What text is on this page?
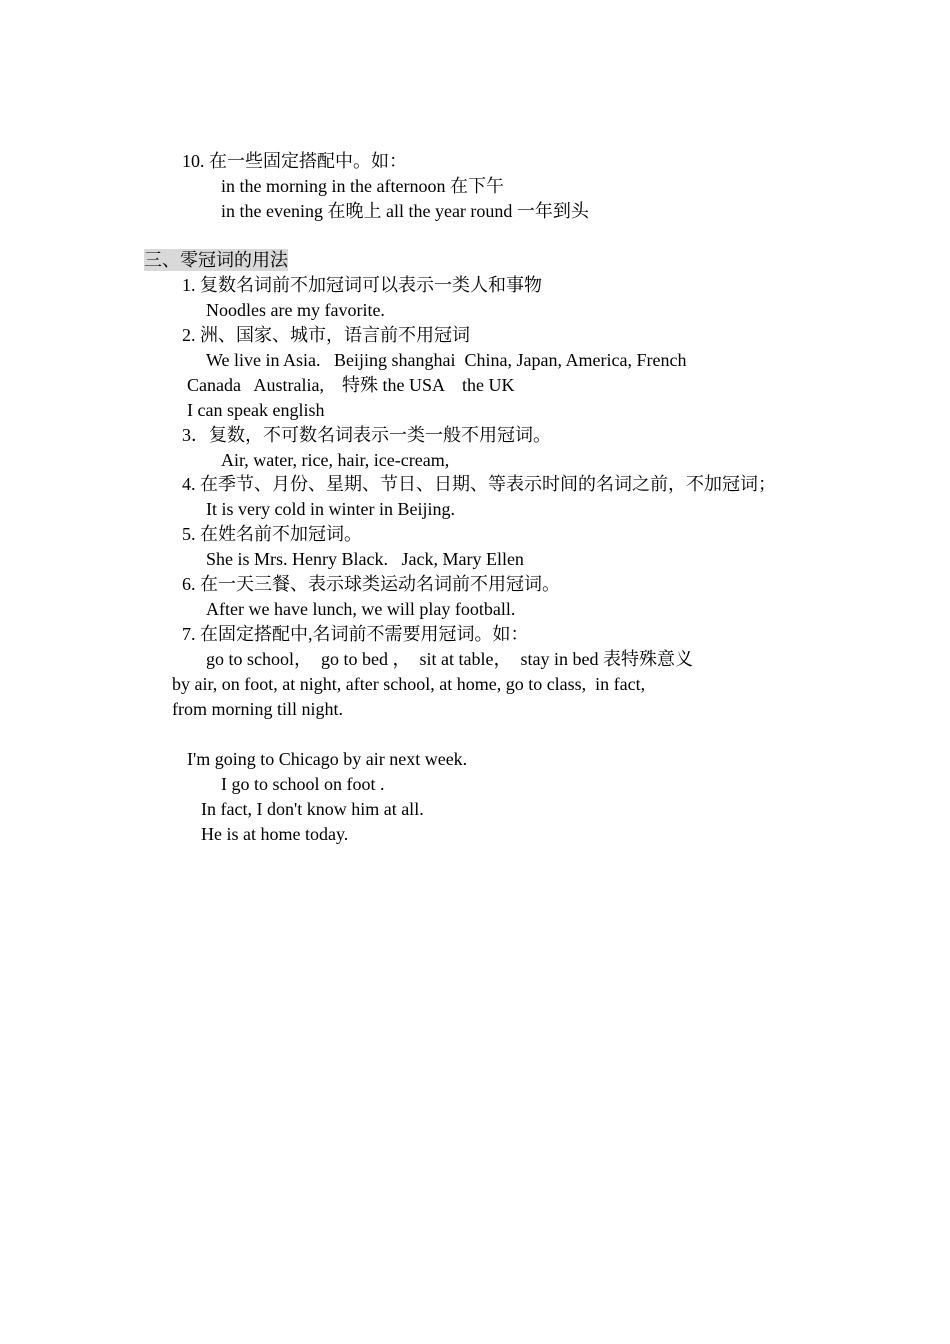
10. 在一些固定搭配中。如：
in the morning in the afternoon 在下午
in the evening 在晚上 all the year round 一年到头
三、零冠词的用法
1. 复数名词前不加冠词可以表示一类人和事物
Noodles are my favorite.
2. 洲、国家、城市，语言前不用冠词
We live in Asia.   Beijing shanghai  China, Japan, America, French
Canada   Australia,    特殊 the USA    the UK
I can speak english
3．复数，不可数名词表示一类一般不用冠词。
Air, water, rice, hair, ice-cream,
4. 在季节、月份、星期、节日、日期、等表示时间的名词之前，不加冠词；
It is very cold in winter in Beijing.
5. 在姓名前不加冠词。
She is Mrs. Henry Black.   Jack, Mary Ellen
6. 在一天三餐、表示球类运动名词前不用冠词。
After we have lunch, we will play football.
7. 在固定搭配中,名词前不需要用冠词。如：
go to school，  go to bed ，  sit at table，  stay in bed 表特殊意义
by air, on foot, at night, after school, at home, go to class,  in fact,
from morning till night.
I'm going to Chicago by air next week.
I go to school on foot .
In fact, I don't know him at all.
He is at home today.
